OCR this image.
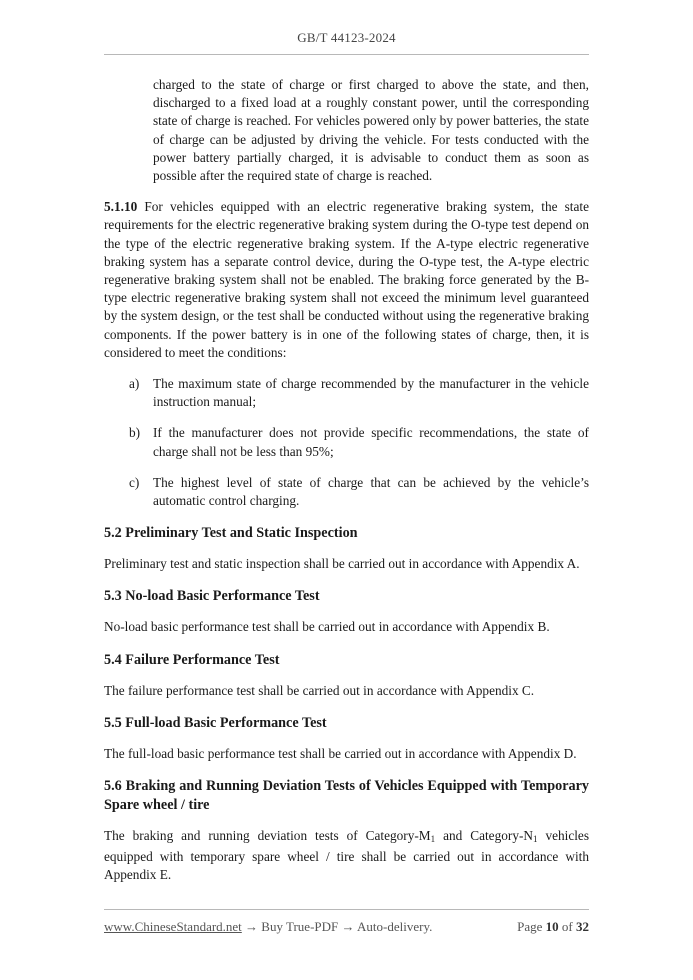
GB/T 44123-2024

charged to the state of charge or first charged to above the state, and then, discharged to a fixed load at a roughly constant power, until the corresponding state of charge is reached. For vehicles powered only by power batteries, the state of charge can be adjusted by driving the vehicle. For tests conducted with the power battery partially charged, it is advisable to conduct them as soon as possible after the required state of charge is reached.

5.1.10 For vehicles equipped with an electric regenerative braking system, the state requirements for the electric regenerative braking system during the O-type test depend on the type of the electric regenerative braking system. If the A-type electric regenerative braking system has a separate control device, during the O-type test, the A-type electric regenerative braking system shall not be enabled. The braking force generated by the B-type electric regenerative braking system shall not exceed the minimum level guaranteed by the system design, or the test shall be conducted without using the regenerative braking components. If the power battery is in one of the following states of charge, then, it is considered to meet the conditions:

a) The maximum state of charge recommended by the manufacturer in the vehicle instruction manual;
b) If the manufacturer does not provide specific recommendations, the state of charge shall not be less than 95%;
c) The highest level of state of charge that can be achieved by the vehicle’s automatic control charging.
5.2 Preliminary Test and Static Inspection

Preliminary test and static inspection shall be carried out in accordance with Appendix A.

5.3 No-load Basic Performance Test

No-load basic performance test shall be carried out in accordance with Appendix B.

5.4 Failure Performance Test

The failure performance test shall be carried out in accordance with Appendix C.

5.5 Full-load Basic Performance Test

The full-load basic performance test shall be carried out in accordance with Appendix D.

5.6 Braking and Running Deviation Tests of Vehicles Equipped with Temporary Spare wheel / tire

The braking and running deviation tests of Category-$M_1$ and Category-$N_1$ vehicles equipped with temporary spare wheel / tire shall be carried out in accordance with Appendix E.

www.ChineseStandard.net → Buy True-PDF → Auto-delivery.	Page 10 of 32
